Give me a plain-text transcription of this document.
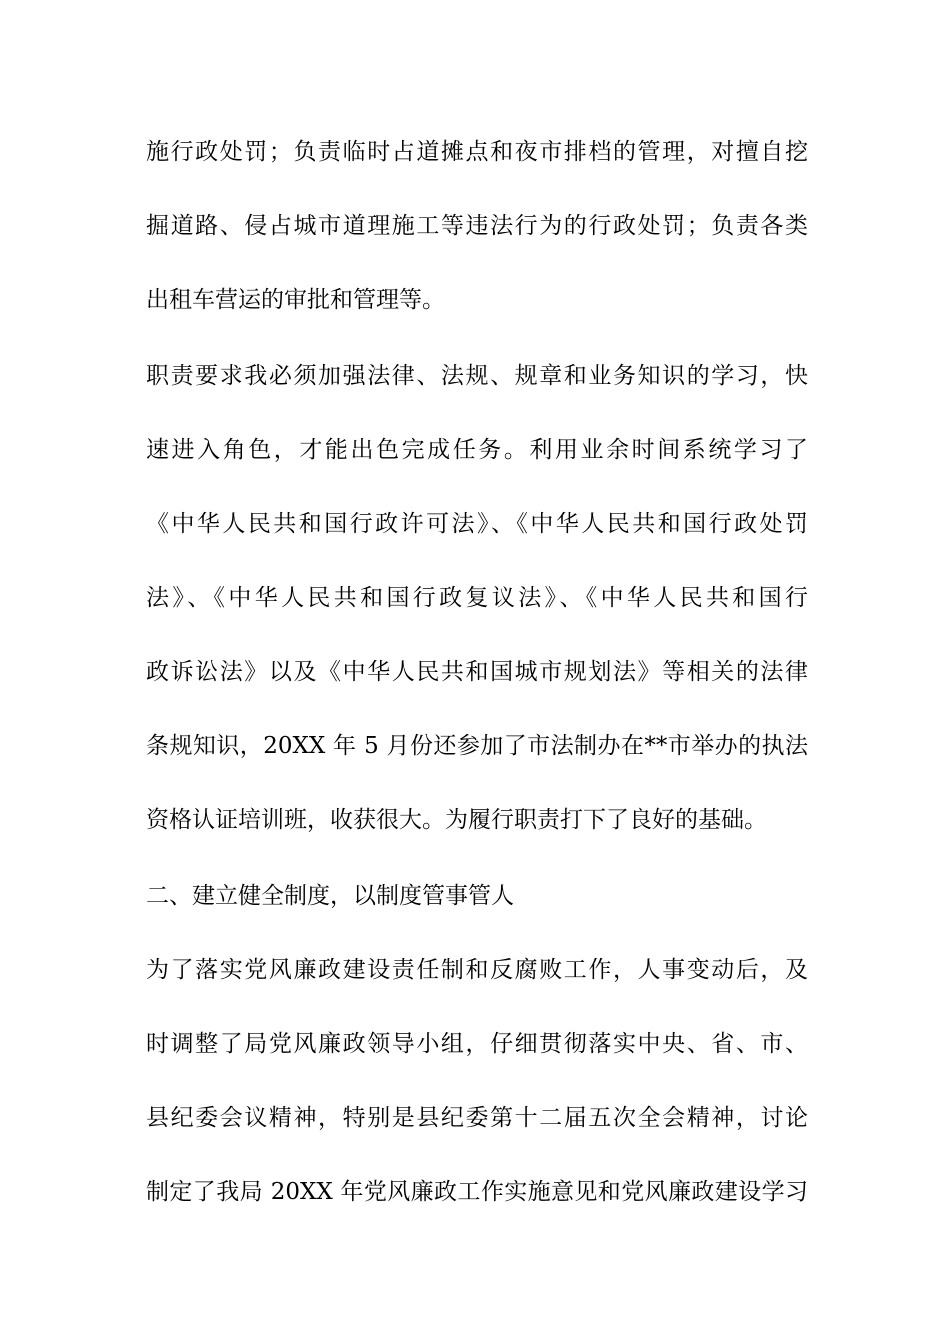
施行政处罚；负责临时占道摊点和夜市排档的管理，对擅自挖
掘道路、侵占城市道理施工等违法行为的行政处罚；负责各类
出租车营运的审批和管理等。
职责要求我必须加强法律、法规、规章和业务知识的学习，快
速进入角色，才能出色完成任务。利用业余时间系统学习了
《中华人民共和国行政许可法》、《中华人民共和国行政处罚
法》、《中华人民共和国行政复议法》、《中华人民共和国行
政诉讼法》以及《中华人民共和国城市规划法》等相关的法律
条规知识，20XX 年 5 月份还参加了市法制办在**市举办的执法
资格认证培训班，收获很大。为履行职责打下了良好的基础。
二、建立健全制度，以制度管事管人
为了落实党风廉政建设责任制和反腐败工作，人事变动后，及
时调整了局党风廉政领导小组，仔细贯彻落实中央、省、市、
县纪委会议精神，特别是县纪委第十二届五次全会精神，讨论
制定了我局 20XX 年党风廉政工作实施意见和党风廉政建设学习
